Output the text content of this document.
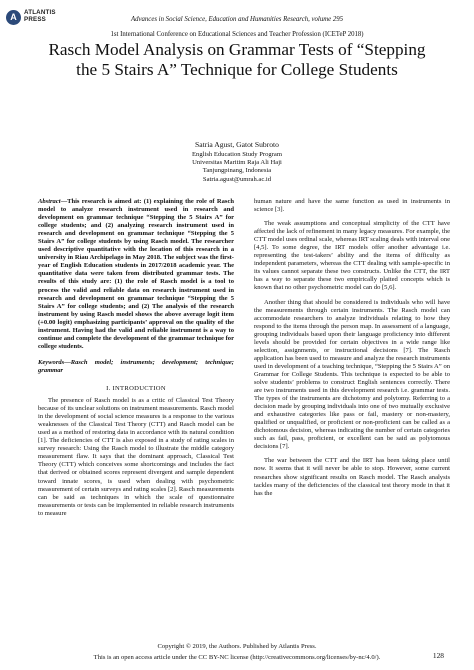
A	ATLANTIS
PRESS	Advances in Social Science, Education and Humanities Research, volume 295
1st International Conference on Educational Sciences and Teacher Profession (ICETeP 2018)
Rasch Model Analysis on Grammar Tests of “Stepping the 5 Stairs A” Technique for College Students
Satria Agust, Gatot Subroto
English Education Study Program
Universitas Maritim Raja Ali Haji
Tanjungpinang, Indonesia
Satria.agust@umrah.ac.id
Abstract—This research is aimed at: (1) explaining the role of Rasch model to analyze research instrument used in research and development on grammar technique “Stepping the 5 Stairs A” for college students; and (2) analyzing research instrument used in research and development on grammar technique “Stepping the 5 Stairs A” for college students by using Rasch model. The researcher used descriptive quantitative with the location of this research in a university in Riau Archipelago in May 2018. The subject was the first-year of English Education students in 2017/2018 academic year. The quantitative data were taken from distributed grammar tests. The results of this study are: (1) the role of Rasch model is a tool to process the valid and reliable data on research instrument used in research and development on grammar technique “Stepping the 5 Stairs A” for college students; and (2) The analysis of the research instrument by using Rasch model shows the above average logit item (+0.00 logit) emphasizing participants’ approval on the quality of the instrument. Having had the valid and reliable instrument is a way to continue and complete the development of the grammar technique for college students.
Keywords—Rasch model; instruments; development; technique; grammar
I. INTRODUCTION

The presence of Rasch model is as a critic of Classical Test Theory because of its unclear solutions on instrument measurements. Rasch model in the development of social science measures is a response to the various weaknesses of the Classical Test Theory (CTT) and Rasch model can be used as a method of restoring data in accordance with its natural condition [1]. The deficiencies of CTT is also exposed in a study of rating scales in survey research: Using the Rasch model to illustrate the middle category measurement flaw. It says that the dominant approach, Classical Test Theory (CTT) which conceives some shortcomings and includes the fact that derived or obtained scores represent divergent and sample dependent toward innate scores, is used when dealing with psychometric measurement of certain surveys and rating scales [2]. Rasch measurements can be said as techniques in which the scale of questionnaire measurements or tests can be implemented in reliable research instruments to measure

human nature and have the same function as used in instruments in science [3].

The weak assumptions and conceptual simplicity of the CTT have affected the lack of refinement in many legacy measures. For example, the CTT model uses ordinal scale, whereas IRT scaling deals with interval one [4,5]. To some degree, the IRT models offer another advantage i.e. representing the test-takers’ ability and the items of difficulty as independent parameters, whereas the CTT dealing with sample-specific in its values cannot separate these two constructs. Unlike the CTT, the IRT has a way to separate these two empirically plaited concepts which is known that no other psychometric model can do [5,6].

Another thing that should be considered is individuals who will have the measurements through certain instruments. The Rasch model can accommodate researchers to analyze individuals relating to how they respond to the items through the person map. In assessment of a language, grouping individuals based upon their language proficiency into different levels should be provided for certain objectives in a wide range like selection, assignments, or instructional decisions [7]. The Rasch application has been used to measure and analyze the research instruments used in development of a teaching technique, “Stepping the 5 Stairs A” on Grammar for College Students. This technique is expected to be able to solve students’ problems to construct English sentences correctly. There are two instruments used in this development research i.e. grammar tests. The types of the instruments are dichotomy and polytomy. Referring to a decision made by grouping individuals into one of two mutually exclusive and exhaustive categories like pass or fail, mastery or non-mastery, qualified or unqualified, or proficient or non-proficient can be called as a dichotomous decision, whereas indicating the number of certain categories such as fail, pass, proficient, or excellent can be said as polytomous decisions [7].

The war between the CTT and the IRT has been taking place until now. It seems that it will never be able to stop. However, some current researches show significant results on Rasch model. The Rasch analysis tackles many of the deficiencies of the classical test theory mode in that it has the

Copyright © 2019, the Authors. Published by Atlantis Press.
This is an open access article under the CC BY-NC license (http://creativecommons.org/licenses/by-nc/4.0/).	128
